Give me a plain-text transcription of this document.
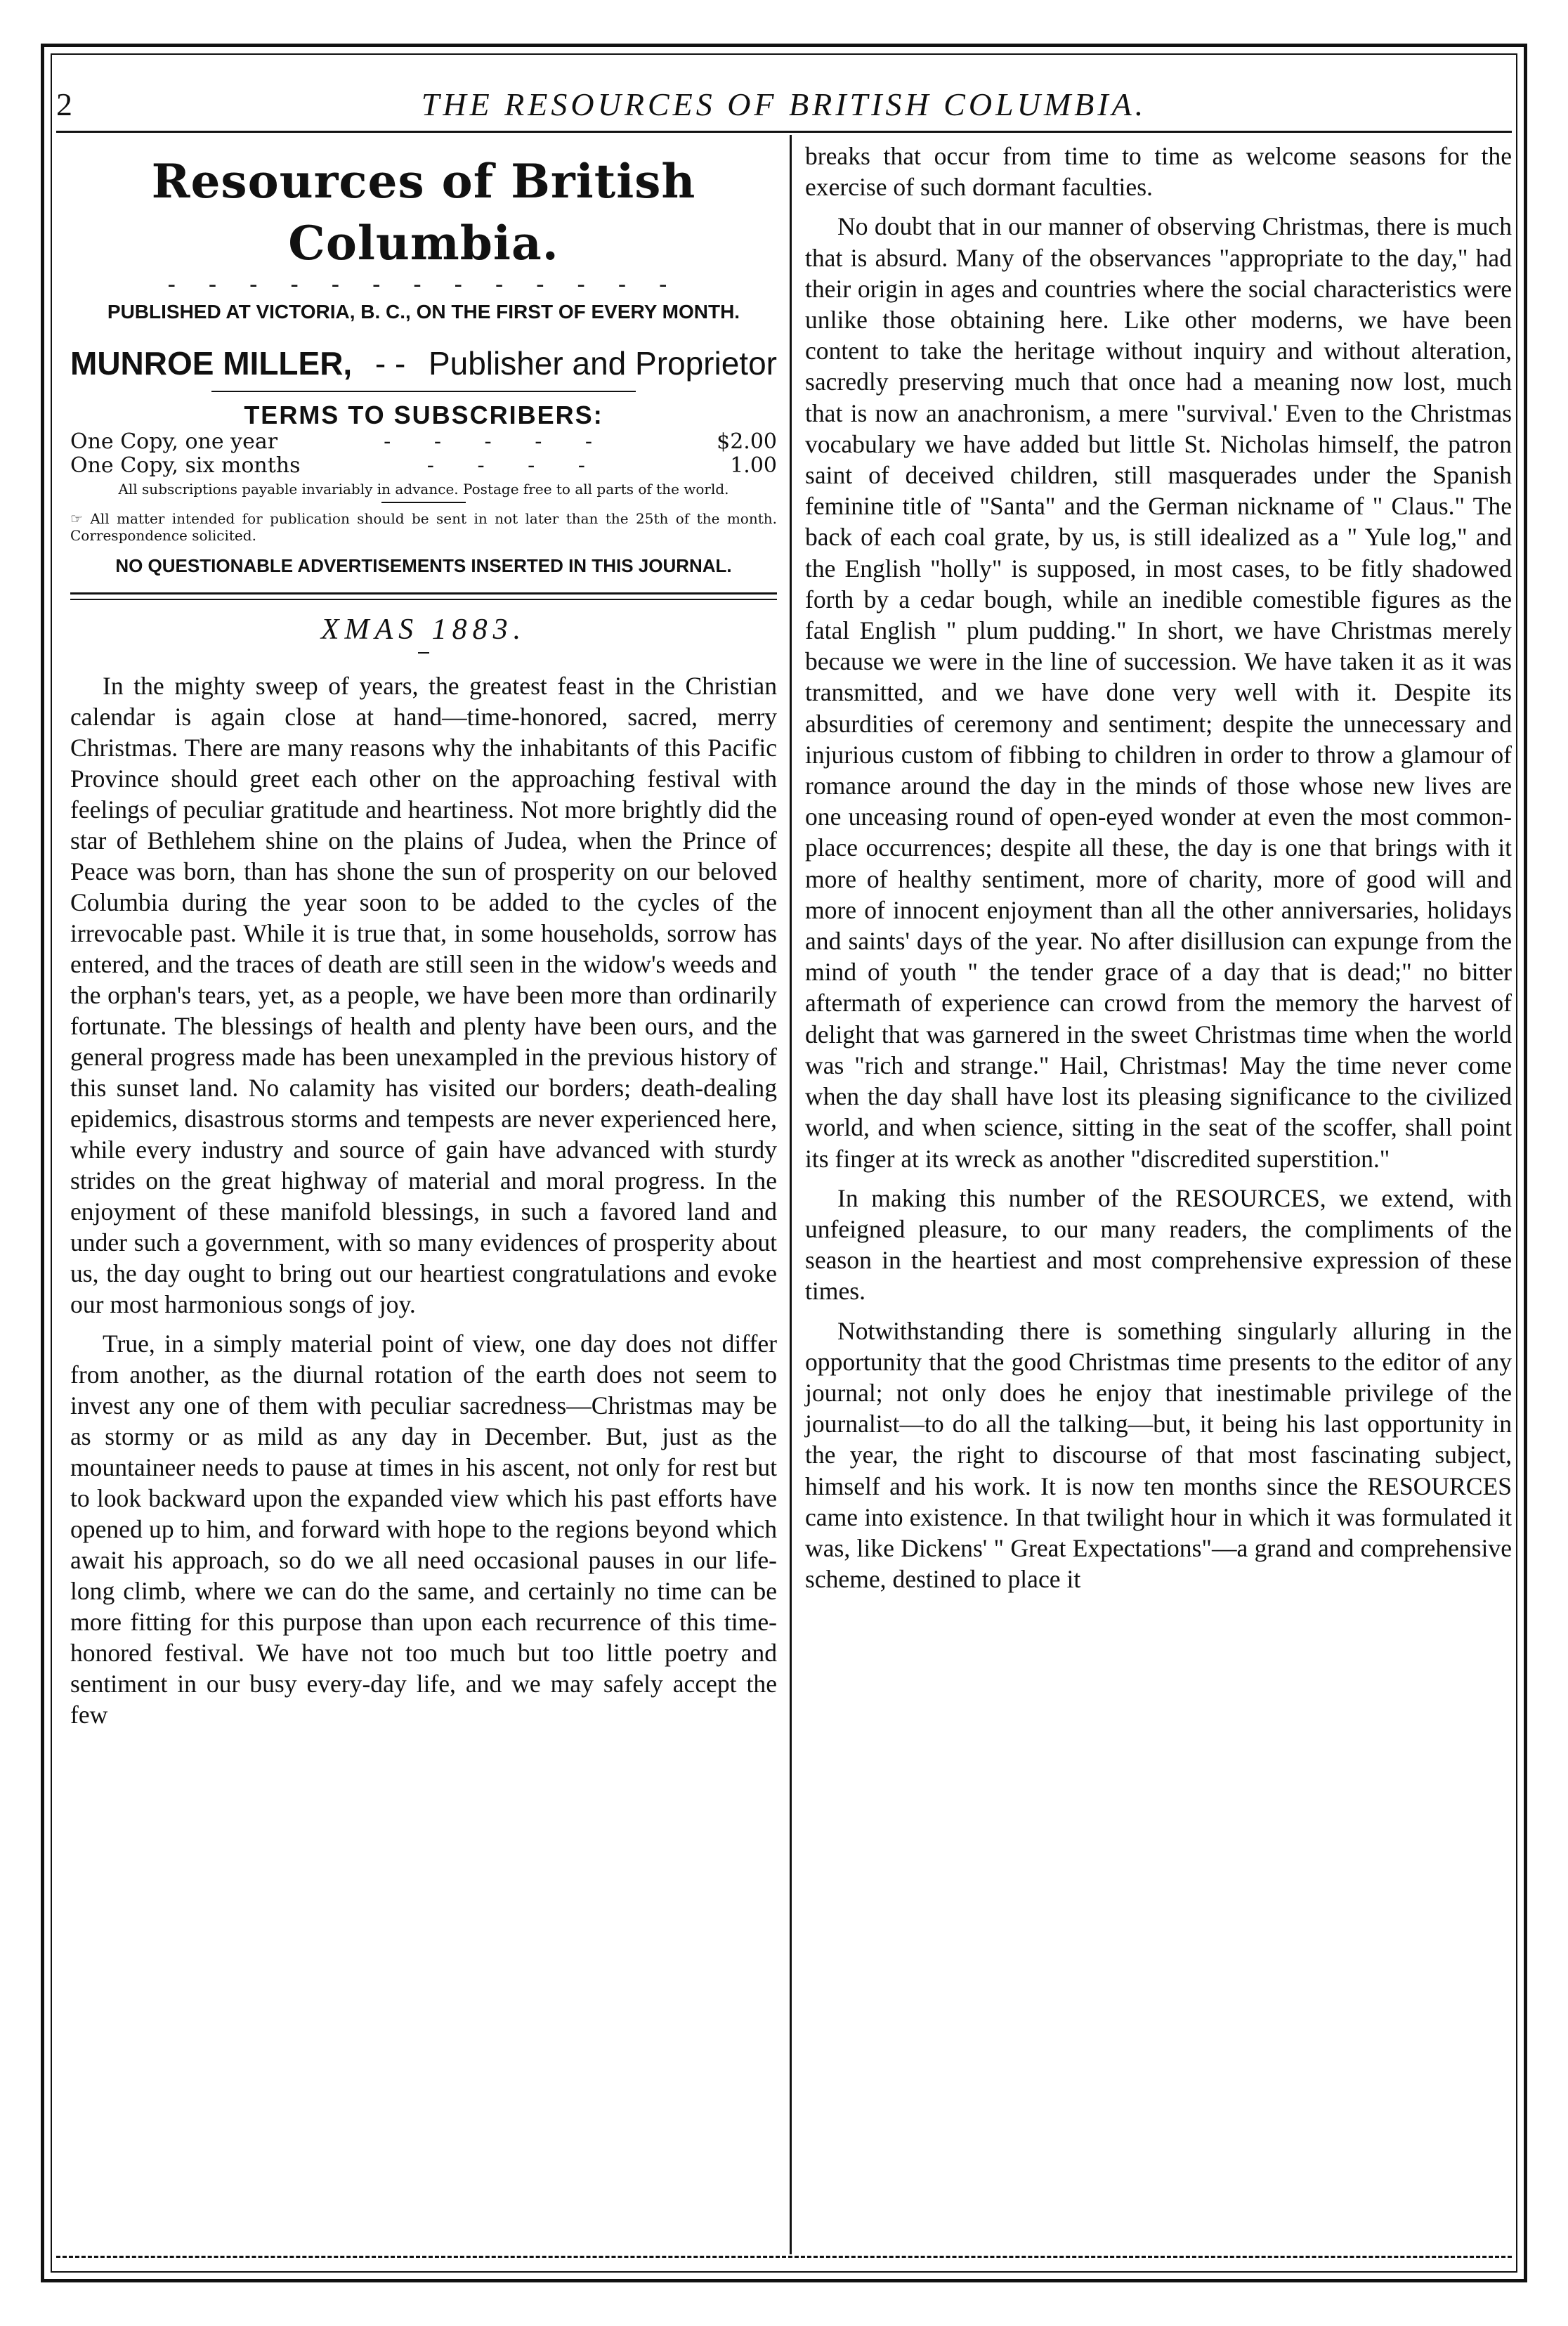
2	THE RESOURCES OF BRITISH COLUMBIA.
Resources of British Columbia.
- - - - - - - - - - - - -
PUBLISHED AT VICTORIA, B. C., ON THE FIRST OF EVERY MONTH.
MUNROE MILLER, - - Publisher and Proprietor
TERMS TO SUBSCRIBERS:
One Copy, one year	- - - - -	$2.00
One Copy, six months	- - - -	1.00
All subscriptions payable invariably in advance. Postage free to all parts of the world.
☞ All matter intended for publication should be sent in not later than the 25th of the month. Correspondence solicited.
NO QUESTIONABLE ADVERTISEMENTS INSERTED IN THIS JOURNAL.
XMAS 1883.

In the mighty sweep of years, the greatest feast in the Christian calendar is again close at hand—time-honored, sacred, merry Christmas. There are many reasons why the inhabitants of this Pacific Province should greet each other on the approaching festival with feelings of peculiar gratitude and heartiness. Not more brightly did the star of Bethlehem shine on the plains of Judea, when the Prince of Peace was born, than has shone the sun of prosperity on our beloved Columbia during the year soon to be added to the cycles of the irrevocable past. While it is true that, in some households, sorrow has entered, and the traces of death are still seen in the widow's weeds and the orphan's tears, yet, as a people, we have been more than ordinarily fortunate. The blessings of health and plenty have been ours, and the general progress made has been unexampled in the previous history of this sunset land. No calamity has visited our borders; death-dealing epidemics, disastrous storms and tempests are never experienced here, while every industry and source of gain have advanced with sturdy strides on the great highway of material and moral progress. In the enjoyment of these manifold blessings, in such a favored land and under such a government, with so many evidences of prosperity about us, the day ought to bring out our heartiest congratulations and evoke our most harmonious songs of joy.

True, in a simply material point of view, one day does not differ from another, as the diurnal rotation of the earth does not seem to invest any one of them with peculiar sacredness—Christmas may be as stormy or as mild as any day in December. But, just as the mountaineer needs to pause at times in his ascent, not only for rest but to look backward upon the expanded view which his past efforts have opened up to him, and forward with hope to the regions beyond which await his approach, so do we all need occasional pauses in our life-long climb, where we can do the same, and certainly no time can be more fitting for this purpose than upon each recurrence of this time-honored festival. We have not too much but too little poetry and sentiment in our busy every-day life, and we may safely accept the few

breaks that occur from time to time as welcome seasons for the exercise of such dormant faculties.

No doubt that in our manner of observing Christmas, there is much that is absurd. Many of the observances "appropriate to the day," had their origin in ages and countries where the social characteristics were unlike those obtaining here. Like other moderns, we have been content to take the heritage without inquiry and without alteration, sacredly preserving much that once had a meaning now lost, much that is now an anachronism, a mere "survival.' Even to the Christmas vocabulary we have added but little St. Nicholas himself, the patron saint of deceived children, still masquerades under the Spanish feminine title of "Santa" and the German nickname of " Claus." The back of each coal grate, by us, is still idealized as a " Yule log," and the English "holly" is supposed, in most cases, to be fitly shadowed forth by a cedar bough, while an inedible comestible figures as the fatal English " plum pudding." In short, we have Christmas merely because we were in the line of succession. We have taken it as it was transmitted, and we have done very well with it. Despite its absurdities of ceremony and sentiment; despite the unnecessary and injurious custom of fibbing to children in order to throw a glamour of romance around the day in the minds of those whose new lives are one unceasing round of open-eyed wonder at even the most common-place occurrences; despite all these, the day is one that brings with it more of healthy sentiment, more of charity, more of good will and more of innocent enjoyment than all the other anniversaries, holidays and saints' days of the year. No after disillusion can expunge from the mind of youth " the tender grace of a day that is dead;" no bitter aftermath of experience can crowd from the memory the harvest of delight that was garnered in the sweet Christmas time when the world was "rich and strange." Hail, Christmas! May the time never come when the day shall have lost its pleasing significance to the civilized world, and when science, sitting in the seat of the scoffer, shall point its finger at its wreck as another "discredited superstition."

In making this number of the RESOURCES, we extend, with unfeigned pleasure, to our many readers, the compliments of the season in the heartiest and most comprehensive expression of these times.

Notwithstanding there is something singularly alluring in the opportunity that the good Christmas time presents to the editor of any journal; not only does he enjoy that inestimable privilege of the journalist—to do all the talking—but, it being his last opportunity in the year, the right to discourse of that most fascinating subject, himself and his work. It is now ten months since the RESOURCES came into existence. In that twilight hour in which it was formulated it was, like Dickens' " Great Expectations"—a grand and comprehensive scheme, destined to place it
